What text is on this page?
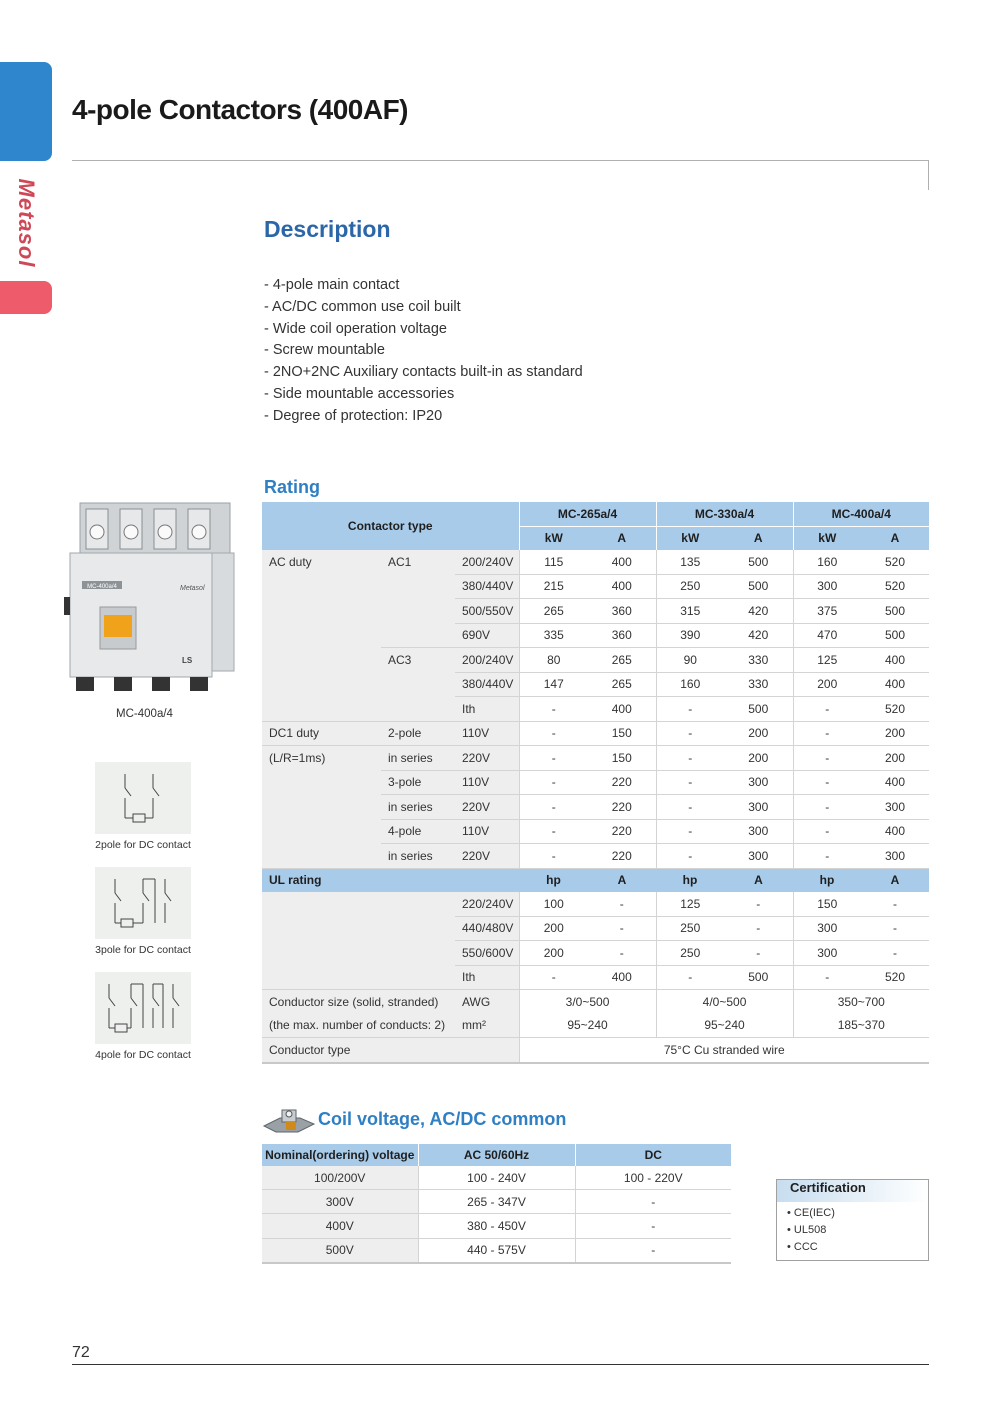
Metasol
4-pole Contactors (400AF)
Description
- 4-pole main contact
- AC/DC common use coil built
- Wide coil operation voltage
- Screw mountable
- 2NO+2NC Auxiliary contacts built-in as standard
- Side mountable accessories
- Degree of protection: IP20
MC-400a/4	Metasol
LS
MC-400a/4
2pole for DC contact
3pole for DC contact
4pole for DC contact
Rating
Contactor type			MC-265a/4		MC-330a/4		MC-400a/4	
			kW	A	kW	A	kW	A
AC duty	AC1	200/240V	115	400	135	500	160	520
		380/440V	215	400	250	500	300	520
		500/550V	265	360	315	420	375	500
		690V	335	360	390	420	470	500
	AC3	200/240V	80	265	90	330	125	400
		380/440V	147	265	160	330	200	400
		Ith	-	400	-	500	-	520
DC1 duty	2-pole	110V	-	150	-	200	-	200
(L/R=1ms)	in series	220V	-	150	-	200	-	200
	3-pole	110V	-	220	-	300	-	400
	in series	220V	-	220	-	300	-	300
	4-pole	110V	-	220	-	300	-	400
	in series	220V	-	220	-	300	-	300
UL rating			hp	A	hp	A	hp	A
		220/240V	100	-	125	-	150	-
		440/480V	200	-	250	-	300	-
		550/600V	200	-	250	-	300	-
		Ith	-	400	-	500	-	520
Conductor size (solid, stranded)		AWG	3/0~500		4/0~500		350~700	
(the max. number of conducts: 2)		mm²	95~240		95~240		185~370	
Conductor type			75°C Cu stranded wire					
Coil voltage, AC/DC common
Nominal(ordering) voltage	AC 50/60Hz	DC
100/200V	100 - 240V	100 - 220V
300V	265 - 347V	-
400V	380 - 450V	-
500V	440 - 575V	-
Certification
• CE(IEC)
• UL508
• CCC
72
